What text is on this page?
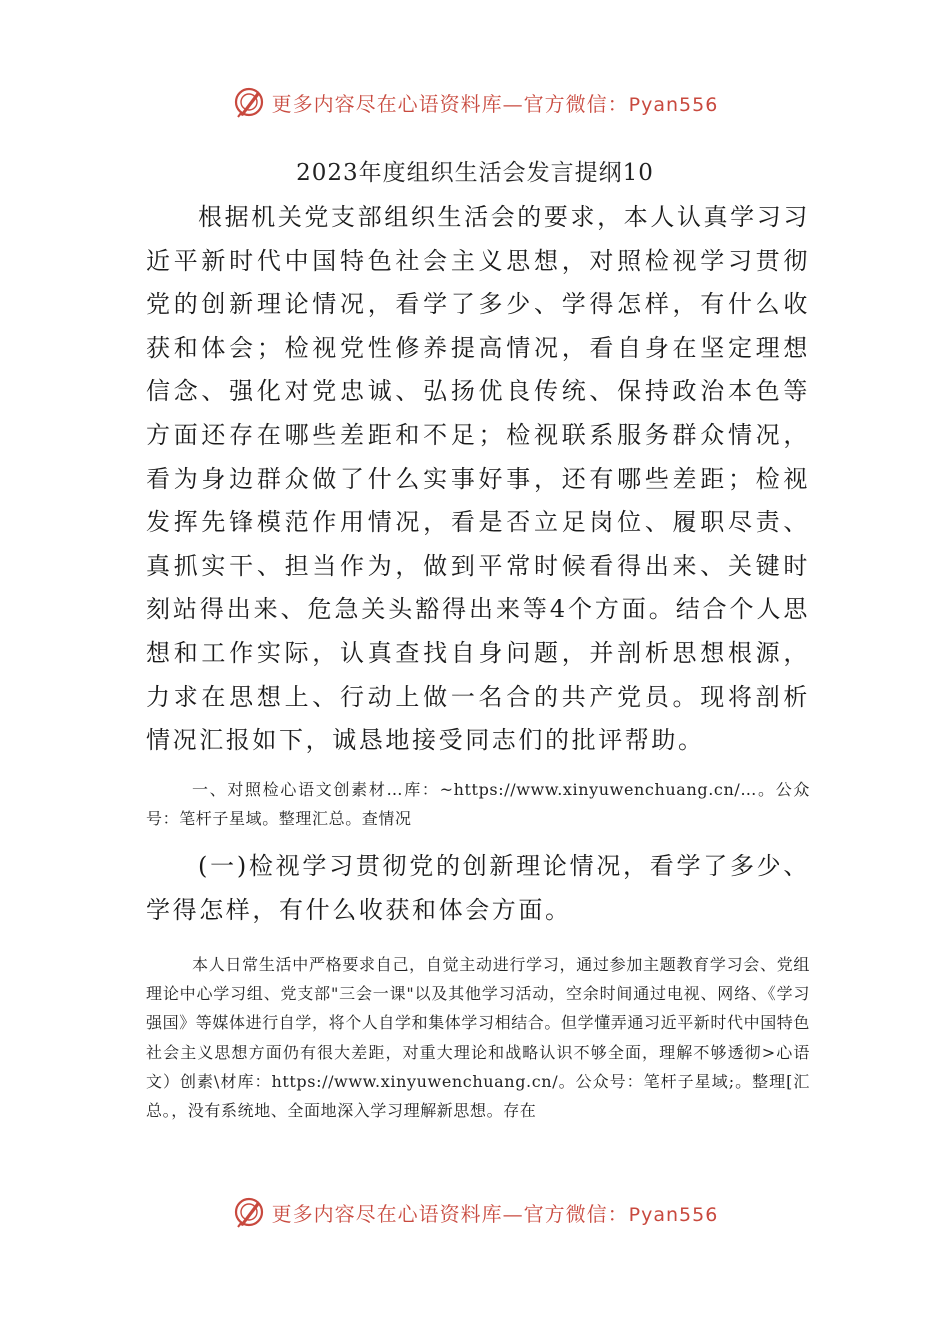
更多内容尽在心语资料库—官方微信：Pyan556
2023年度组织生活会发言提纲10

根据机关党支部组织生活会的要求，本人认真学习习近平新时代中国特色社会主义思想，对照检视学习贯彻党的创新理论情况，看学了多少、学得怎样，有什么收获和体会；检视党性修养提高情况，看自身在坚定理想信念、强化对党忠诚、弘扬优良传统、保持政治本色等方面还存在哪些差距和不足；检视联系服务群众情况，看为身边群众做了什么实事好事，还有哪些差距；检视发挥先锋模范作用情况，看是否立足岗位、履职尽责、真抓实干、担当作为，做到平常时候看得出来、关键时刻站得出来、危急关头豁得出来等4个方面。结合个人思想和工作实际，认真查找自身问题，并剖析思想根源，力求在思想上、行动上做一名合的共产党员。现将剖析情况汇报如下，诚恳地接受同志们的批评帮助。

一、对照检心语文创素材…库：~https://www.xinyuwenchuang.cn/…。公众号：笔杆子星域。整理汇总。查情况

(一)检视学习贯彻党的创新理论情况，看学了多少、学得怎样，有什么收获和体会方面。

本人日常生活中严格要求自己，自觉主动进行学习，通过参加主题教育学习会、党组理论中心学习组、党支部"三会一课"以及其他学习活动，空余时间通过电视、网络、《学习强国》等媒体进行自学，将个人自学和集体学习相结合。但学懂弄通习近平新时代中国特色社会主义思想方面仍有很大差距，对重大理论和战略认识不够全面，理解不够透彻>心语文）创素\材库：https://www.xinyuwenchuang.cn/。公众号：笔杆子星域;。整理[汇总。，没有系统地、全面地深入学习理解新思想。存在

更多内容尽在心语资料库—官方微信：Pyan556
